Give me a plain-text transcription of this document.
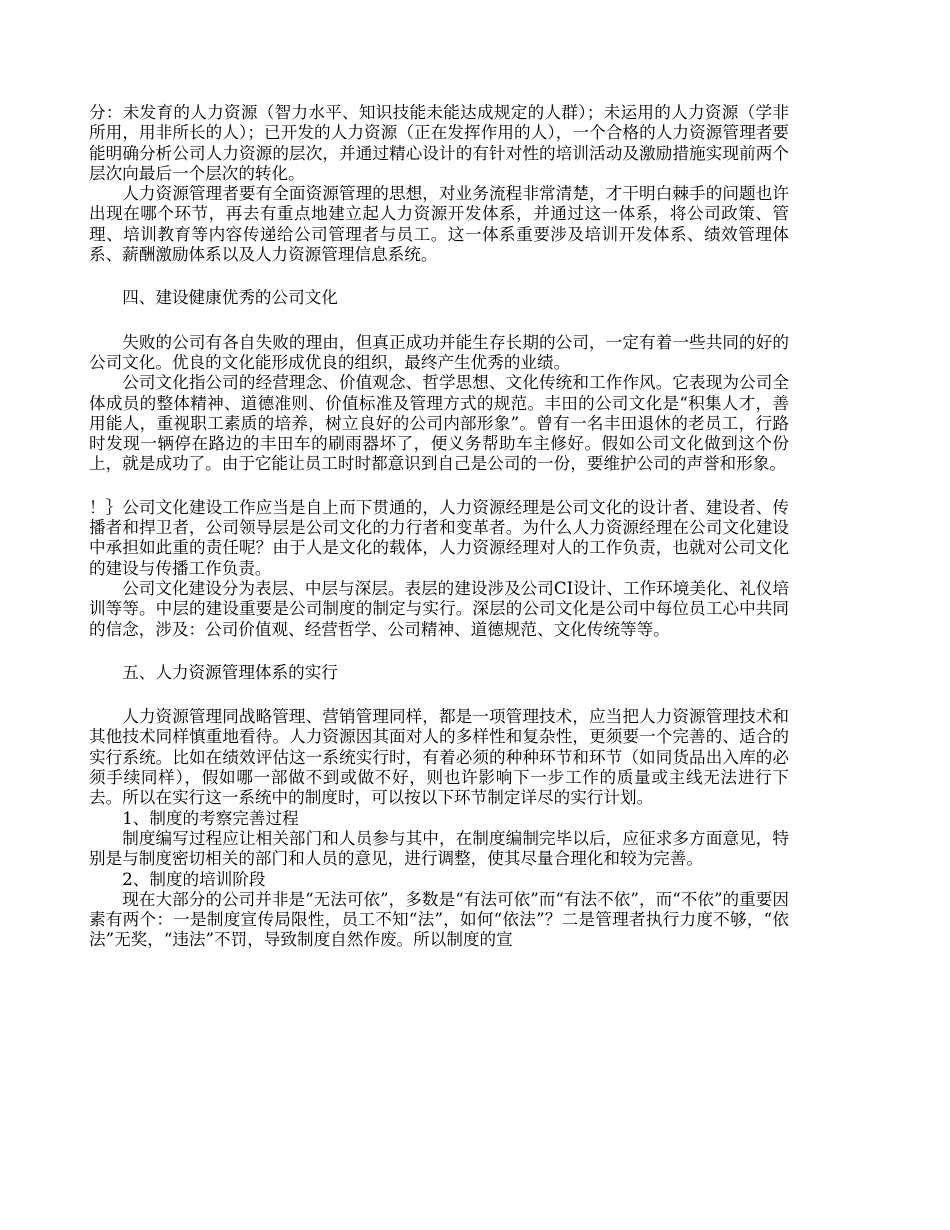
分：未发育的人力资源（智力水平、知识技能未能达成规定的人群）；未运用的人力资源（学非所用，用非所长的人）；已开发的人力资源（正在发挥作用的人），一个合格的人力资源管理者要能明确分析公司人力资源的层次，并通过精心设计的有针对性的培训活动及激励措施实现前两个层次向最后一个层次的转化。

人力资源管理者要有全面资源管理的思想，对业务流程非常清楚，才干明白棘手的问题也许出现在哪个环节，再去有重点地建立起人力资源开发体系，并通过这一体系，将公司政策、管理、培训教育等内容传递给公司管理者与员工。这一体系重要涉及培训开发体系、绩效管理体系、薪酬激励体系以及人力资源管理信息系统。

四、建设健康优秀的公司文化

失败的公司有各自失败的理由，但真正成功并能生存长期的公司，一定有着一些共同的好的公司文化。优良的文化能形成优良的组织，最终产生优秀的业绩。

公司文化指公司的经营理念、价值观念、哲学思想、文化传统和工作作风。它表现为公司全体成员的整体精神、道德准则、价值标准及管理方式的规范。丰田的公司文化是“积集人才，善用能人，重视职工素质的培养，树立良好的公司内部形象”。曾有一名丰田退休的老员工，行路时发现一辆停在路边的丰田车的刷雨器坏了，便义务帮助车主修好。假如公司文化做到这个份上，就是成功了。由于它能让员工时时都意识到自己是公司的一份，要维护公司的声誉和形象。

！｝公司文化建设工作应当是自上而下贯通的，人力资源经理是公司文化的设计者、建设者、传播者和捍卫者，公司领导层是公司文化的力行者和变革者。为什么人力资源经理在公司文化建设中承担如此重的责任呢？由于人是文化的载体，人力资源经理对人的工作负责，也就对公司文化的建设与传播工作负责。

公司文化建设分为表层、中层与深层。表层的建设涉及公司CI设计、工作环境美化、礼仪培训等等。中层的建设重要是公司制度的制定与实行。深层的公司文化是公司中每位员工心中共同的信念，涉及：公司价值观、经营哲学、公司精神、道德规范、文化传统等等。

五、人力资源管理体系的实行

人力资源管理同战略管理、营销管理同样，都是一项管理技术，应当把人力资源管理技术和其他技术同样慎重地看待。人力资源因其面对人的多样性和复杂性，更须要一个完善的、适合的实行系统。比如在绩效评估这一系统实行时，有着必须的种种环节和环节（如同货品出入库的必须手续同样），假如哪一部做不到或做不好，则也许影响下一步工作的质量或主线无法进行下去。所以在实行这一系统中的制度时，可以按以下环节制定详尽的实行计划。

1、制度的考察完善过程

制度编写过程应让相关部门和人员参与其中，在制度编制完毕以后，应征求多方面意见，特别是与制度密切相关的部门和人员的意见，进行调整，使其尽量合理化和较为完善。

2、制度的培训阶段

现在大部分的公司并非是“无法可依”，多数是“有法可依”而“有法不依”，而“不依”的重要因素有两个：一是制度宣传局限性，员工不知“法”，如何“依法”？二是管理者执行力度不够，“依法”无奖，“违法”不罚，导致制度自然作废。所以制度的宣
